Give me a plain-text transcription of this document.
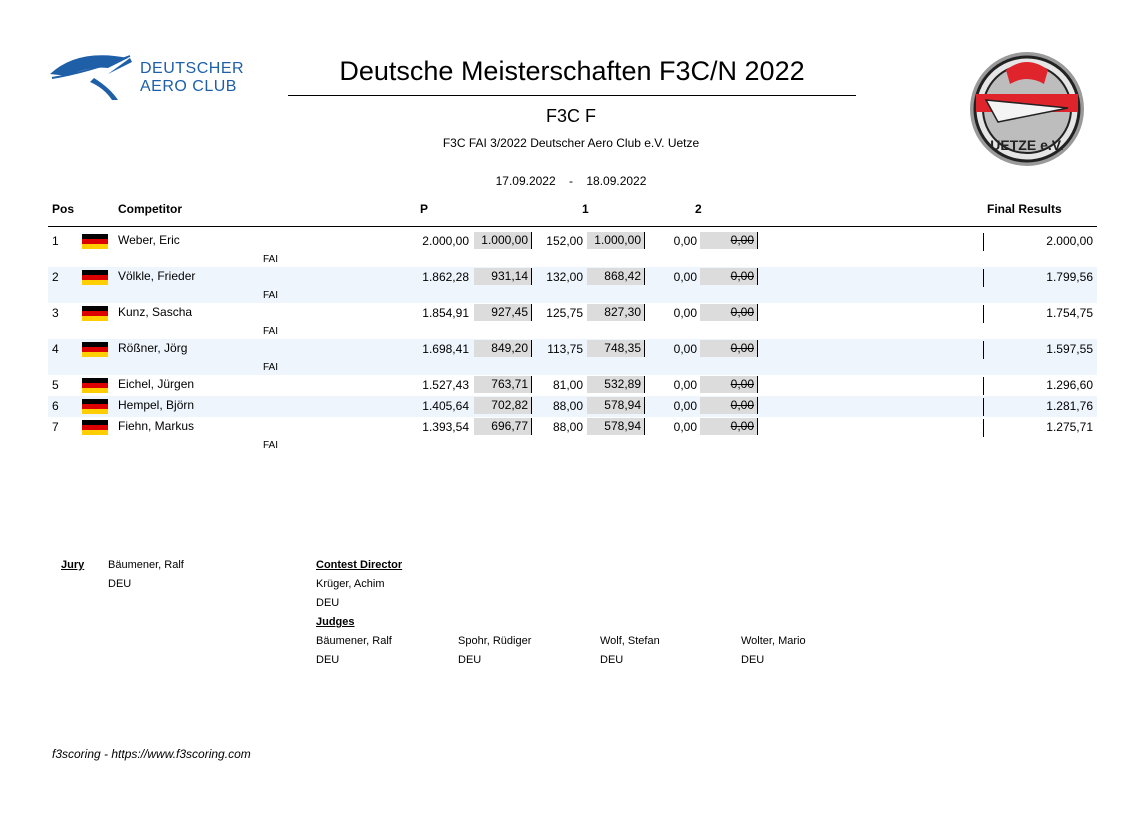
DEUTSCHER
AERO CLUB
Deutsche Meisterschaften F3C/N 2022
F3C F
F3C FAI 3/2022 Deutscher Aero Club e.V. Uetze
17.09.2022 - 18.09.2022
UETZE e.V.
Pos	Competitor	P	1	2	Final Results
1	Weber, Eric	2.000,00	1.000,00	152,00 1.000,00	0,00	0,00	2.000,00
FAI
2	Völkle, Frieder	1.862,28	931,14	132,00	868,42	0,00	0,00	1.799,56
FAI
3	Kunz, Sascha	1.854,91	927,45	125,75	827,30	0,00	0,00	1.754,75
FAI
4	Rößner, Jörg	1.698,41	849,20	113,75	748,35	0,00	0,00	1.597,55
FAI
5	Eichel, Jürgen	1.527,43	763,71	81,00	532,89	0,00	0,00	1.296,60
6	Hempel, Björn	1.405,64	702,82	88,00	578,94	0,00	0,00	1.281,76
7	Fiehn, Markus	1.393,54	696,77	88,00	578,94	0,00	0,00	1.275,71
FAI
Jury Bäumener, Ralf
DEU
Contest Director
Krüger, Achim
DEU
Judges
Bäumener, Ralf
DEU
Spohr, Rüdiger
DEU
Wolf, Stefan
DEU
Wolter, Mario
DEU
f3scoring - https://www.f3scoring.com
